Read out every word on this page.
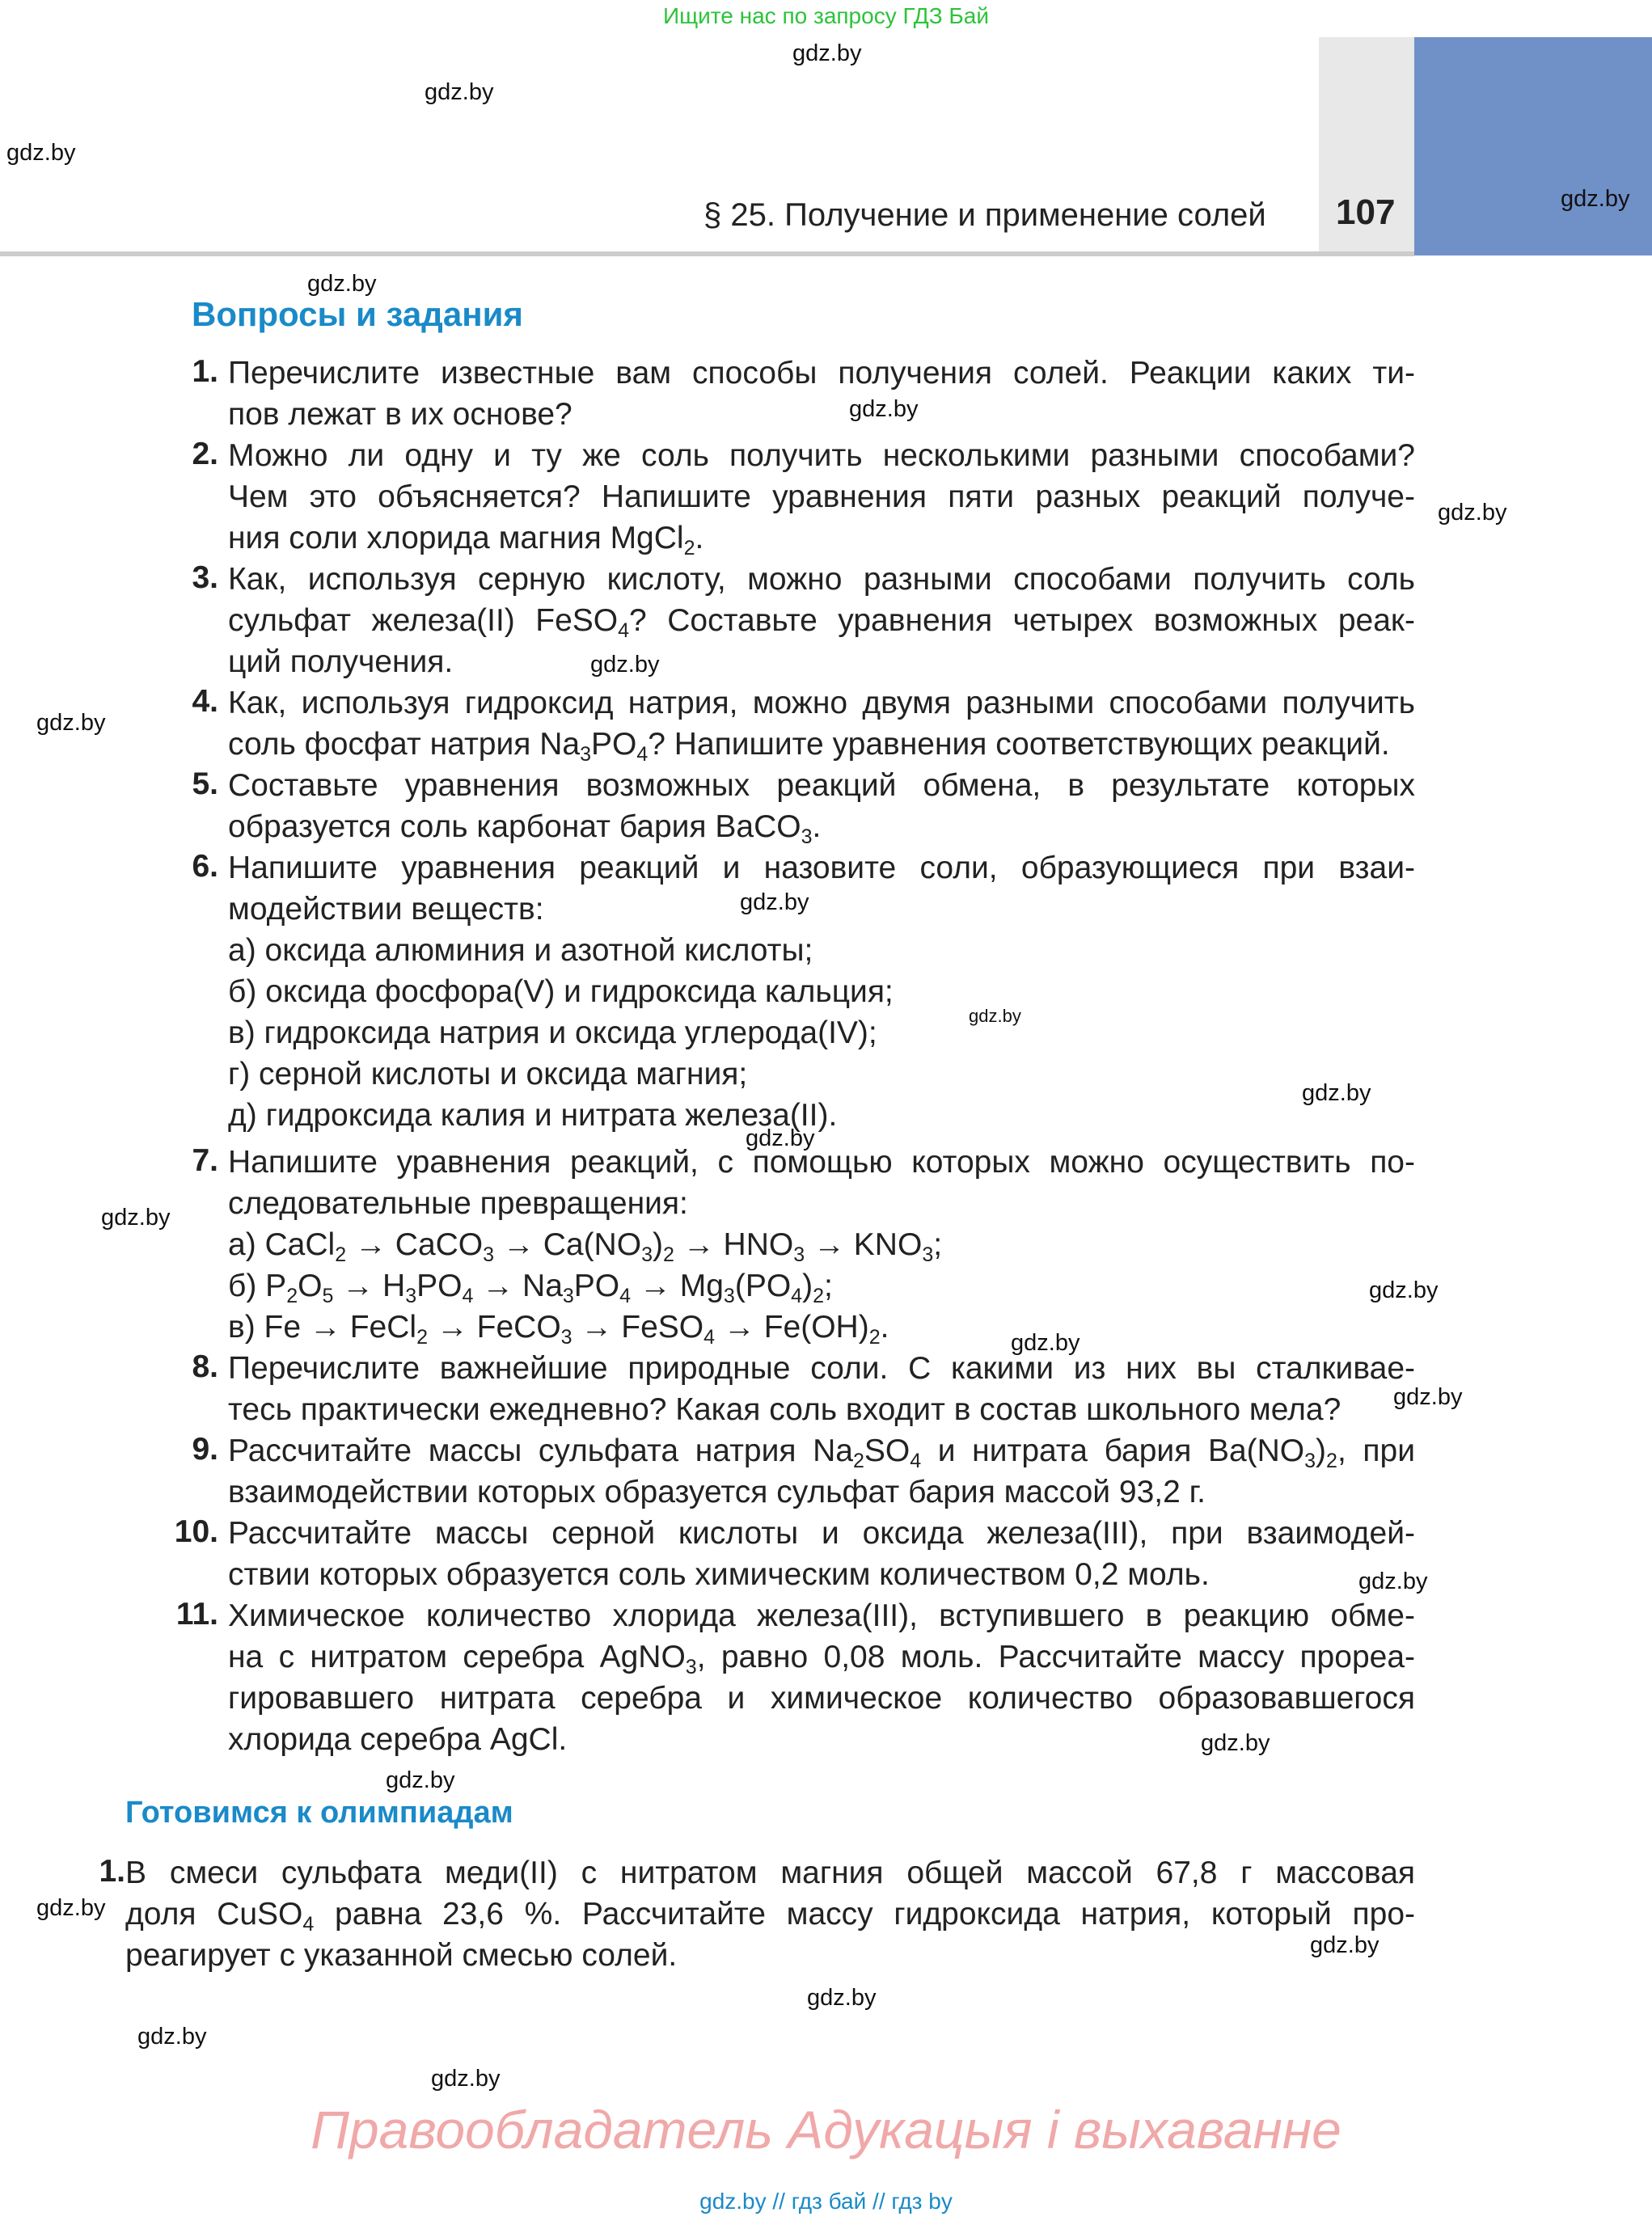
Ищите нас по запросу ГДЗ Бай
§ 25. Получение и применение солей 107
Вопросы и задания
1. Перечислите известные вам способы получения солей. Реакции каких ти-
пов лежат в их основе?
2. Можно ли одну и ту же соль получить несколькими разными способами?
Чем это объясняется? Напишите уравнения пяти разных реакций получе-
ния соли хлорида магния MgCl$_2$.
3. Как, используя серную кислоту, можно разными способами получить соль
сульфат железа(II) FeSO$_4$? Составьте уравнения четырех возможных реак-
ций получения.
4. Как, используя гидроксид натрия, можно двумя разными способами получить
соль фосфат натрия $Na_3PO_4$? Напишите уравнения соответствующих реакций.
5. Составьте уравнения возможных реакций обмена, в результате которых
образуется соль карбонат бария BaCO$_3$.
6. Напишите уравнения реакций и назовите соли, образующиеся при взаи-
модействии веществ:
а) оксида алюминия и азотной кислоты;
б) оксида фосфора(V) и гидроксида кальция;
в) гидроксида натрия и оксида углерода(IV);
г) серной кислоты и оксида магния;
д) гидроксида калия и нитрата железа(II).
7. Напишите уравнения реакций, с помощью которых можно осуществить по-
следовательные превращения:
а) CaCl$_2$ → CaCO$_3$ → $Ca(NO_3)_2 \to HNO_3 \to KNO_3$;
б) $P_2O_5 \to H_3PO_4 \to Na_3PO_4 \to Mg_3(PO_4)_2$;
в) Fe → FeCl$_2$ → FeCO$_3$ → FeSO$_4$ → $Fe(OH)_2$.
8. Перечислите важнейшие природные соли. С какими из них вы сталкивае-
тесь практически ежедневно? Какая соль входит в состав школьного мела?
9. Рассчитайте массы сульфата натрия $Na_2SO_4$ и нитрата бария $Ba(NO_3)_2$, при
взаимодействии которых образуется сульфат бария массой 93,2 г.
10. Рассчитайте массы серной кислоты и оксида железа(III), при взаимодей-
ствии которых образуется соль химическим количеством 0,2 моль.
11. Химическое количество хлорида железа(III), вступившего в реакцию обме-
на с нитратом серебра AgNO$_3$, равно 0,08 моль. Рассчитайте массу прореа-
гировавшего нитрата серебра и химическое количество образовавшегося
хлорида серебра AgCl.
Готовимся к олимпиадам
1. В смеси сульфата меди(II) с нитратом магния общей массой 67,8 г массовая
доля CuSO$_4$ равна 23,6 %. Рассчитайте массу гидроксида натрия, который про-
реагирует с указанной смесью солей.
gdz.by
gdz.by
gdz.by
gdz.by
gdz.by
gdz.by
gdz.by
gdz.by
gdz.by
gdz.by
gdz.by
gdz.by
gdz.by
gdz.by
gdz.by
gdz.by
gdz.by
gdz.by
gdz.by
gdz.by
gdz.by
gdz.by
gdz.by
gdz.by
gdz.by
Правообладатель Адукацыя і выхаванне
gdz.by // гдз бай // гдз by
